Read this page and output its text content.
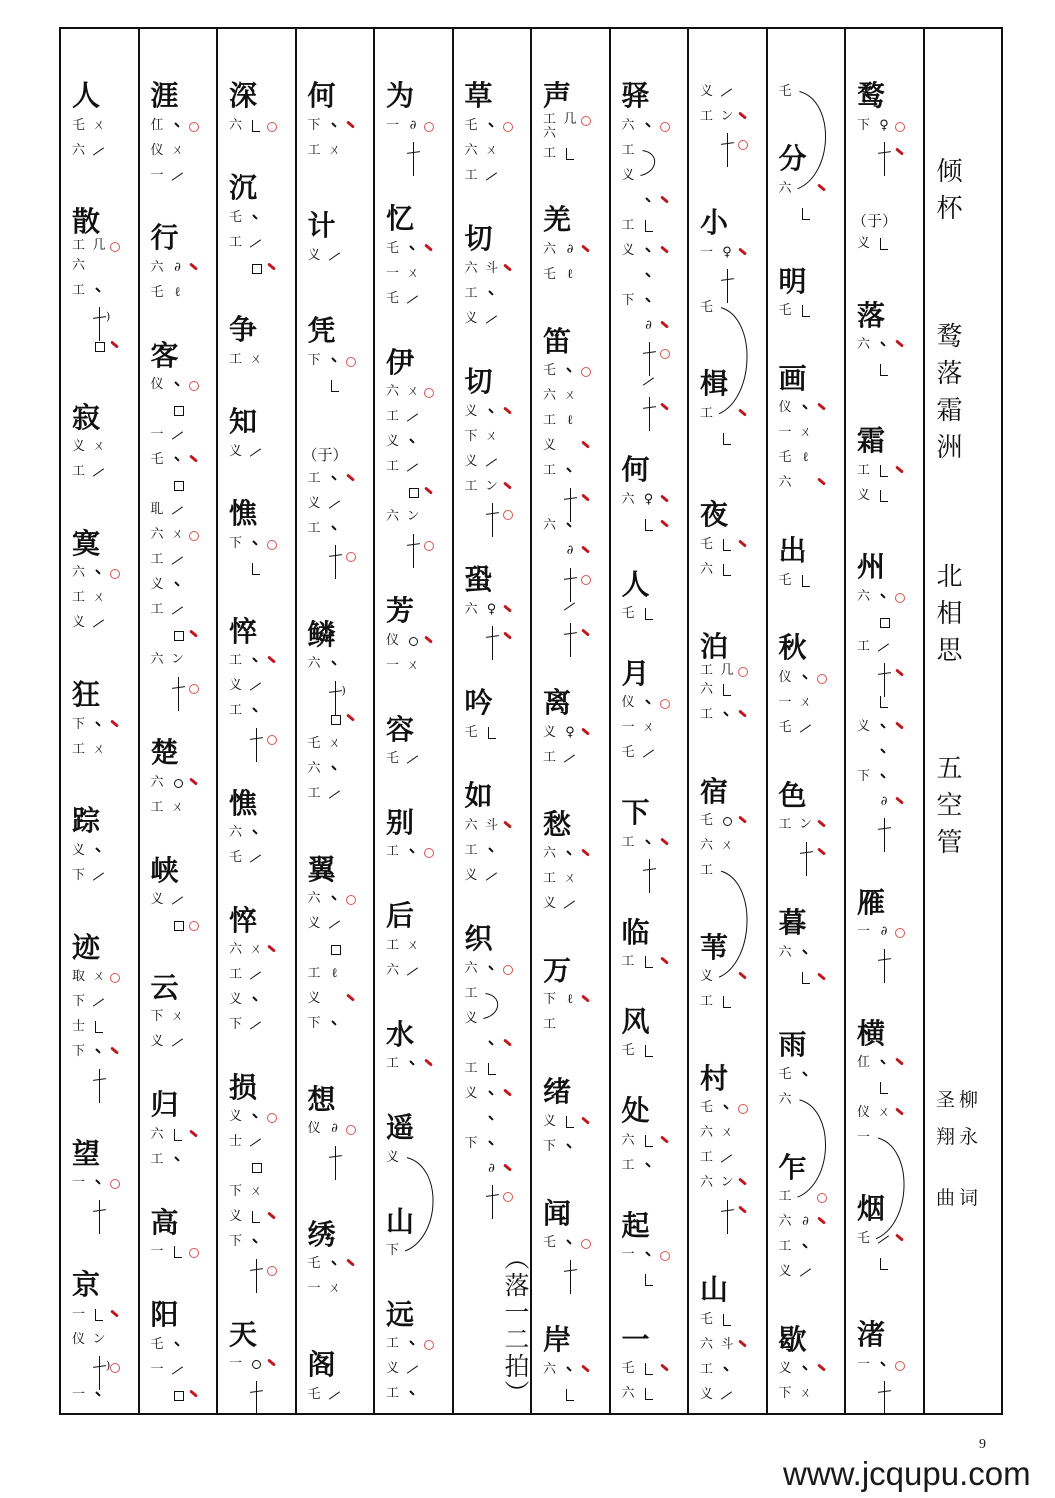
倾杯
鹜落霜洲
北相思
五空管
圣翔
曲
柳永
词
鹜
下 ♀
（于）
义
落
六
霜
工
义
州
六
工
义
下
∂
雁
一 ∂
横
仜
仪 ㄨ
一
烟
乇
渚
一
乇
分
六
明
乇
画
仪
一 ㄨ
乇 ℓ
六
出
乇
秋
仪
一 ㄨ
乇
色
工 ン
暮
六
雨
乇
六
乍
工
六 ∂
工
义
歇
义
下 ㄨ
义
工 ン
小
一 ♀
乇
楫
工
夜
乇
六
泊
工 几
六
工
宿
乇
六 ㄨ
工
苇
义
工
村
乇
六 ㄨ
工
六 ン
山
乇
六 斗
工
义
驿
六
工
义
工
义
下
∂
何
六 ♀
人
乇
月
仪
一 ㄨ
乇
下
工
临
工
风
乇
处
六
工
起
一
一
乇
六
声
工 几
六
工
羌
六 ∂
乇 ℓ
笛
乇
六 ㄨ
工 ℓ
义
工
六
∂
离
义 ♀
工
愁
六
工 ㄨ
义
万
下 ℓ
工
绪
义
下
闻
乇
岸
六
草
乇
六 ㄨ
工
切
六 斗
工
义
切
义
下 ㄨ
义
工 ン
蛩
六 ♀
吟
乇
如
六 斗
工
义
织
六
工
义
工
义
下
∂
（落一二拍）
为
一 ∂
忆
乇
一 ㄨ
乇
伊
六 ㄨ
工
义
工
六 ン
芳
仪
一 ㄨ
容
乇
别
工
后
工 ㄨ
六
水
工
遥
义
山
下
远
工
义
工
何
下
工 ㄨ
计
义
凭
下
（于）
工
义
工
鳞
六
)
乇 ㄨ
六
工
翼
六
义
工 ℓ
义
下
想
仪 ∂
绣
乇
一 ㄨ
阁
乇
深
六
沉
乇
工
争
工 ㄨ
知
义
憔
下
悴
工
义
工
憔
六
乇
悴
六 ㄨ
工
义
下
损
义
士
下 ㄨ
义
下
天
一
涯
仜
仪 ㄨ
一
行
六 ∂
乇 ℓ
客
仪
一
乇
耴
六 ㄨ
工
义
工
六 ン
楚
六
工 ㄨ
峡
义
云
下 ㄨ
义
归
六
工
高
一
阳
乇
一
人
乇 ㄨ
六
散
工 几
六
工
)
寂
义 ㄨ
工
寞
六
工 ㄨ
义
狂
下
工 ㄨ
踪
义
下
迹
取 ㄨ
下
士
下
望
一
京
一
仪 ン
)
一
9
www.jcqupu.com
